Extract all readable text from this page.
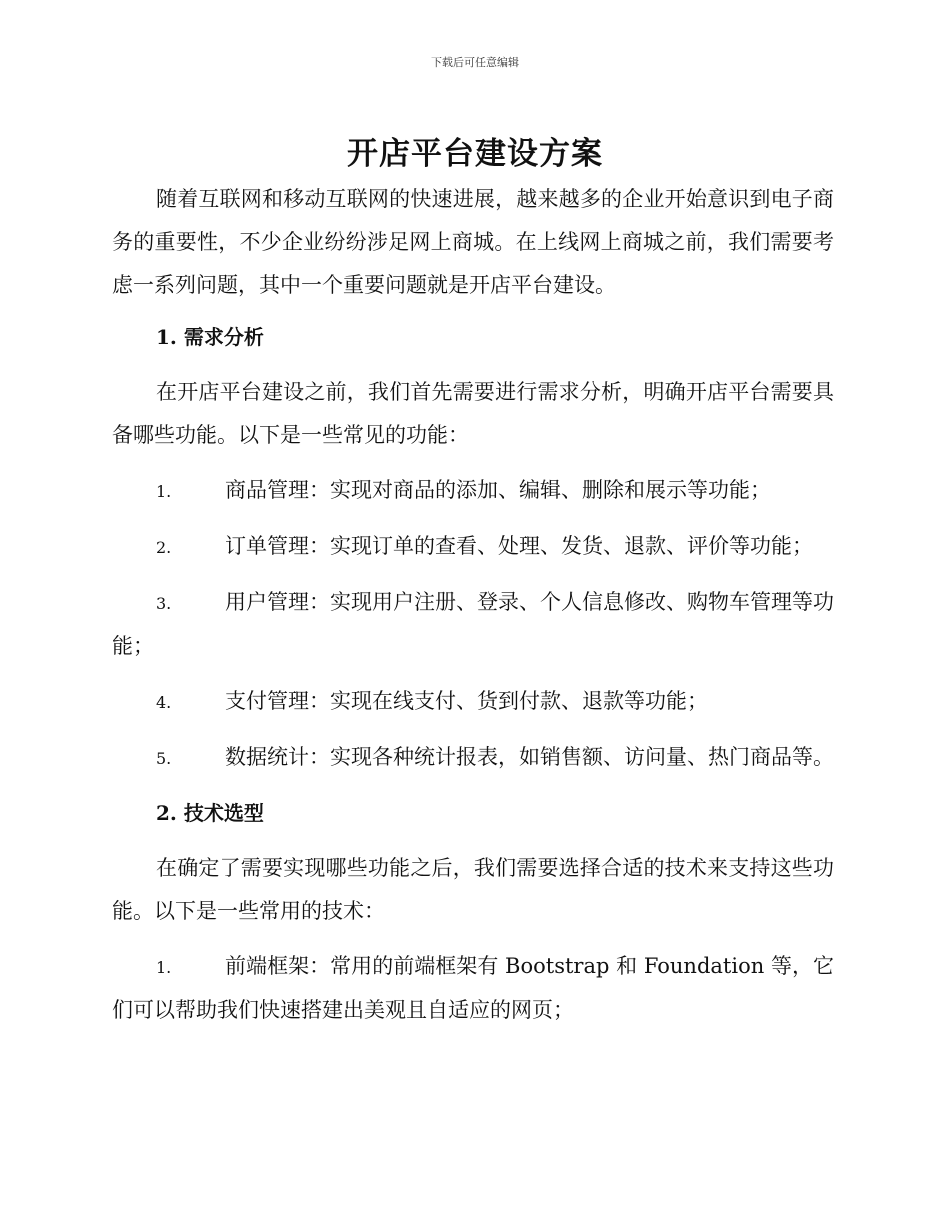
下载后可任意编辑
开店平台建设方案

随着互联网和移动互联网的快速进展，越来越多的企业开始意识到电子商务的重要性，不少企业纷纷涉足网上商城。在上线网上商城之前，我们需要考虑一系列问题，其中一个重要问题就是开店平台建设。

1. 需求分析

在开店平台建设之前，我们首先需要进行需求分析，明确开店平台需要具备哪些功能。以下是一些常见的功能：

1.	商品管理：实现对商品的添加、编辑、删除和展示等功能；

2.	订单管理：实现订单的查看、处理、发货、退款、评价等功能；

3.	用户管理：实现用户注册、登录、个人信息修改、购物车管理等功能；

4.	支付管理：实现在线支付、货到付款、退款等功能；

5.	数据统计：实现各种统计报表，如销售额、访问量、热门商品等。

2. 技术选型

在确定了需要实现哪些功能之后，我们需要选择合适的技术来支持这些功能。以下是一些常用的技术：

1.	前端框架：常用的前端框架有 Bootstrap 和 Foundation 等，它们可以帮助我们快速搭建出美观且自适应的网页；
